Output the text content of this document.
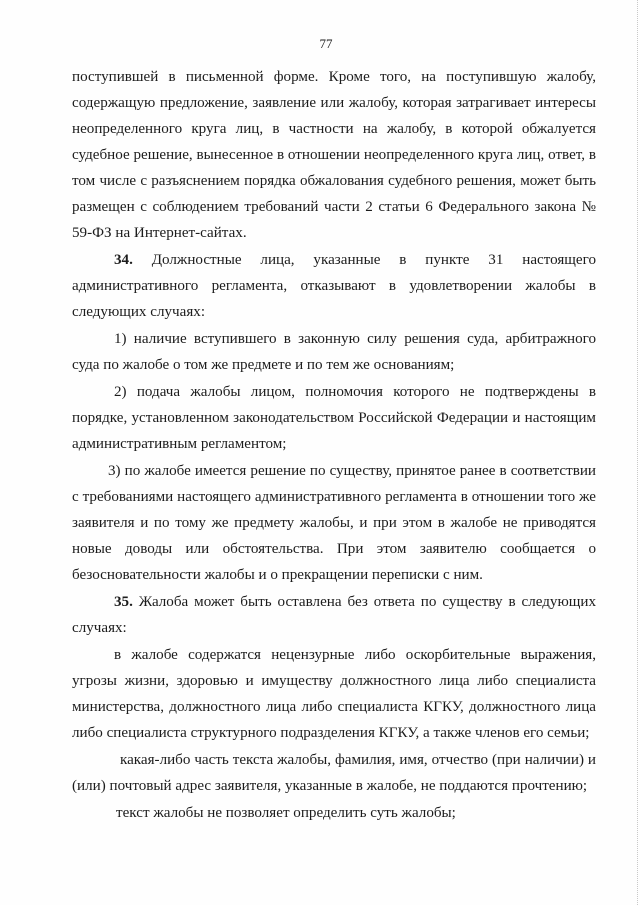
77

поступившей в письменной форме. Кроме того, на поступившую жалобу, содержащую предложение, заявление или жалобу, которая затрагивает интересы неопределенного круга лиц, в частности на жалобу, в которой обжалуется судебное решение, вынесенное в отношении неопределенного круга лиц, ответ, в том числе с разъяснением порядка обжалования судебного решения, может быть размещен с соблюдением требований части 2 статьи 6 Федерального закона № 59-ФЗ на Интернет-сайтах.

34. Должностные лица, указанные в пункте 31 настоящего административного регламента, отказывают в удовлетворении жалобы в следующих случаях:

1) наличие вступившего в законную силу решения суда, арбитражного суда по жалобе о том же предмете и по тем же основаниям;

2) подача жалобы лицом, полномочия которого не подтверждены в порядке, установленном законодательством Российской Федерации и настоящим административным регламентом;

3) по жалобе имеется решение по существу, принятое ранее в соответствии с требованиями настоящего административного регламента в отношении того же заявителя и по тому же предмету жалобы, и при этом в жалобе не приводятся новые доводы или обстоятельства. При этом заявителю сообщается о безосновательности жалобы и о прекращении переписки с ним.

35. Жалоба может быть оставлена без ответа по существу в следующих случаях:

в жалобе содержатся нецензурные либо оскорбительные выражения, угрозы жизни, здоровью и имуществу должностного лица либо специалиста министерства, должностного лица либо специалиста КГКУ, должностного лица либо специалиста структурного подразделения КГКУ, а также членов его семьи;

какая-либо часть текста жалобы, фамилия, имя, отчество (при наличии) и (или) почтовый адрес заявителя, указанные в жалобе, не поддаются прочтению;

текст жалобы не позволяет определить суть жалобы;
